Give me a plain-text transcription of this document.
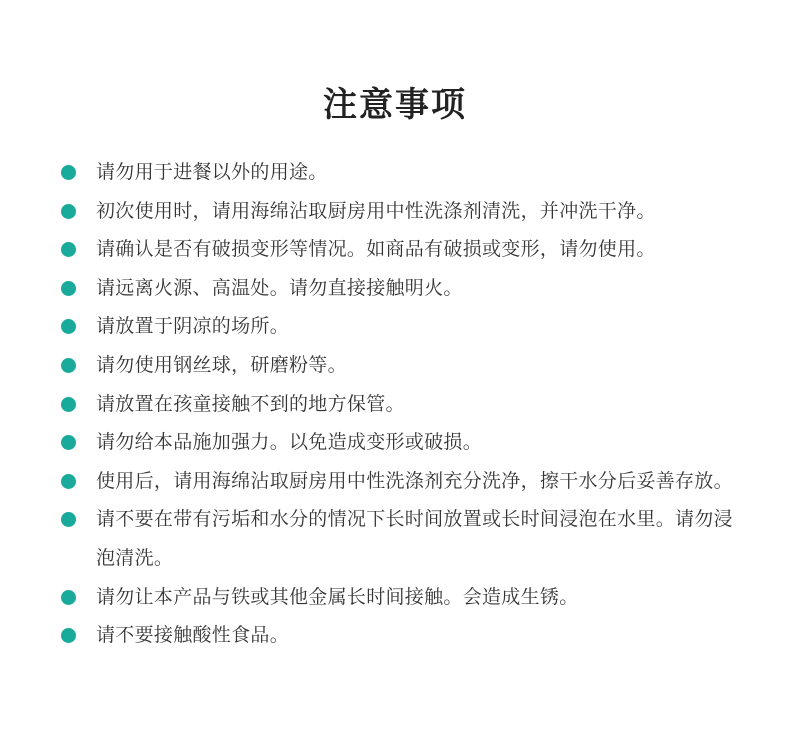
注意事项
请勿用于进餐以外的用途。
初次使用时，请用海绵沾取厨房用中性洗涤剂清洗，并冲洗干净。
请确认是否有破损变形等情况。如商品有破损或变形，请勿使用。
请远离火源、高温处。请勿直接接触明火。
请放置于阴凉的场所。
请勿使用钢丝球，研磨粉等。
请放置在孩童接触不到的地方保管。
请勿给本品施加强力。以免造成变形或破损。
使用后，请用海绵沾取厨房用中性洗涤剂充分洗净，擦干水分后妥善存放。
请不要在带有污垢和水分的情况下长时间放置或长时间浸泡在水里。请勿浸泡清洗。
请勿让本产品与铁或其他金属长时间接触。会造成生锈。
请不要接触酸性食品。
